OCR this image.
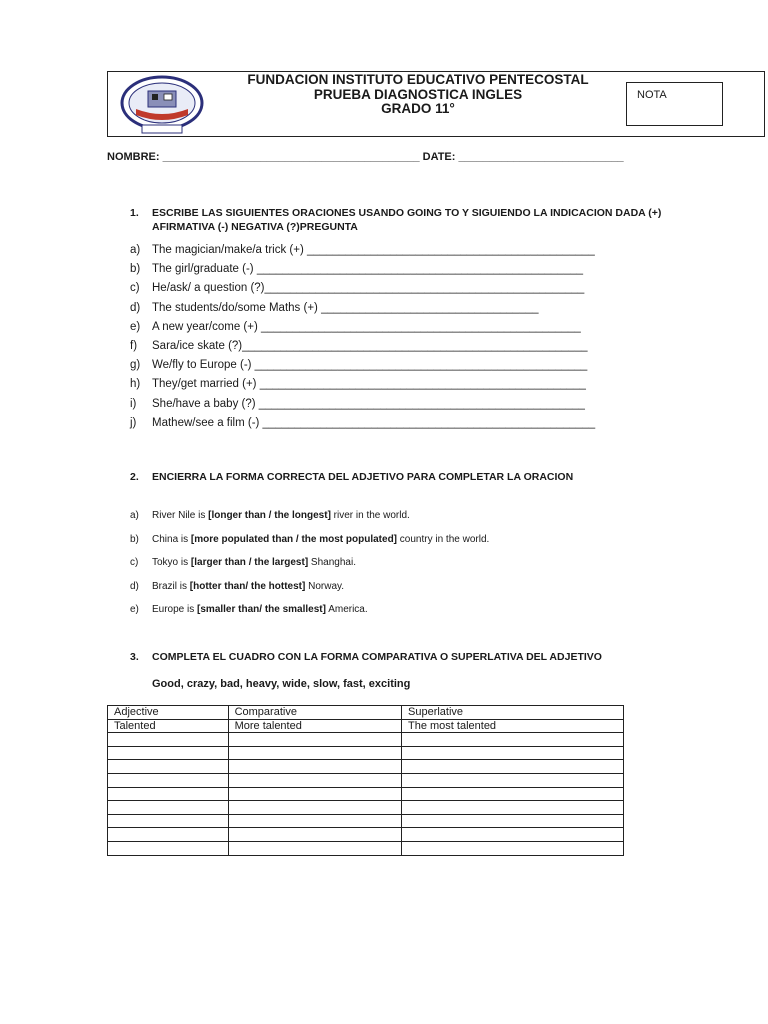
FUNDACION INSTITUTO EDUCATIVO PENTECOSTAL
PRUEBA DIAGNOSTICA INGLES
GRADO 11°
NOTA
NOMBRE: __________________________________________ DATE: ___________________________
1. ESCRIBE LAS SIGUIENTES ORACIONES USANDO GOING TO Y SIGUIENDO LA INDICACION DADA (+) AFIRMATIVA (-) NEGATIVA (?)PREGUNTA
a) The magician/make/a trick (+) _____________________________________________
b) The girl/graduate (-) ___________________________________________________
c) He/ask/ a question (?)__________________________________________________
d) The students/do/some Maths (+) __________________________________
e) A new year/come (+) __________________________________________________
f) Sara/ice skate (?)______________________________________________________
g) We/fly to Europe (-) ____________________________________________________
h) They/get married (+) ___________________________________________________
i) She/have a baby (?) ___________________________________________________
j) Mathew/see a film (-) ____________________________________________________
2. ENCIERRA LA FORMA CORRECTA DEL ADJETIVO PARA COMPLETAR LA ORACION
a) River Nile is [longer than / the longest] river in the world.
b) China is [more populated than / the most populated] country in the world.
c) Tokyo is [larger than / the largest] Shanghai.
d) Brazil is [hotter than/ the hottest] Norway.
e) Europe is [smaller than/ the smallest] America.
3. COMPLETA EL CUADRO CON LA FORMA COMPARATIVA O SUPERLATIVA DEL ADJETIVO
Good, crazy, bad, heavy, wide, slow, fast, exciting
Adjective	Comparative	Superlative
Talented	More talented	The most talented
